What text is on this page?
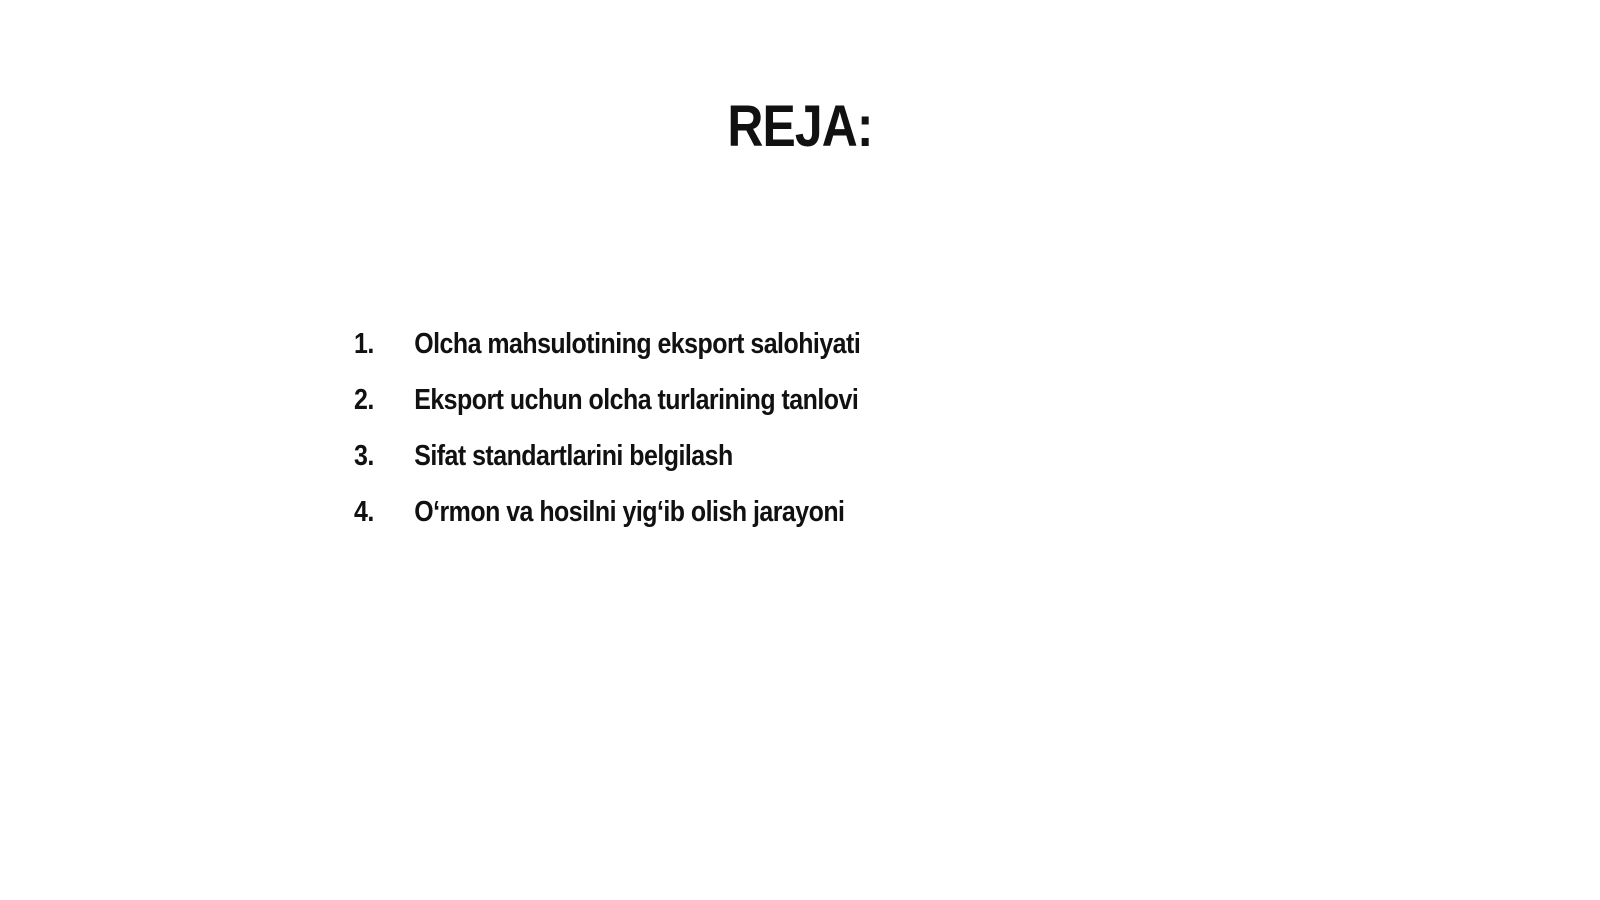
REJA:
1.	Olcha mahsulotining eksport salohiyati
2.	Eksport uchun olcha turlarining tanlovi
3.	Sifat standartlarini belgilash
4.	O‘rmon va hosilni yig‘ib olish jarayoni
